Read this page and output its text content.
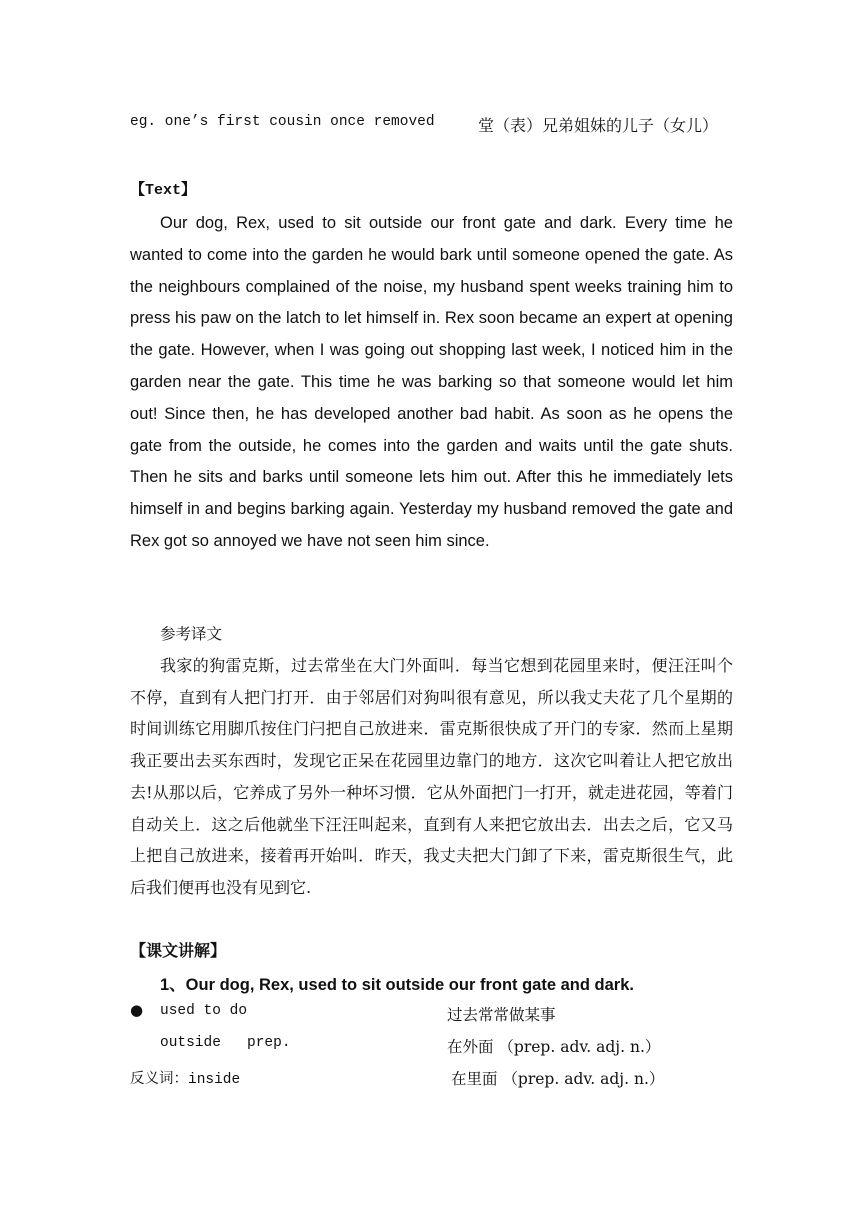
eg. one’s first cousin once removed	堂（表）兄弟姐妹的儿子（女儿）
【Text】
Our dog, Rex, used to sit outside our front gate and dark. Every time he wanted to come into the garden he would bark until someone opened the gate. As the neighbours complained of the noise, my husband spent weeks training him to press his paw on the latch to let himself in. Rex soon became an expert at opening the gate. However, when I was going out shopping last week, I noticed him in the garden near the gate. This time he was barking so that someone would let him out! Since then, he has developed another bad habit. As soon as he opens the gate from the outside, he comes into the garden and waits until the gate shuts. Then he sits and barks until someone lets him out. After this he immediately lets himself in and begins barking again. Yesterday my husband removed the gate and Rex got so annoyed we have not seen him since.
参考译文
我家的狗雷克斯，过去常坐在大门外面叫．每当它想到花园里来时，便汪汪叫个不停，直到有人把门打开．由于邻居们对狗叫很有意见，所以我丈夫花了几个星期的时间训练它用脚爪按住门闩把自己放进来．雷克斯很快成了开门的专家．然而上星期我正要出去买东西时，发现它正呆在花园里边靠门的地方．这次它叫着让人把它放出去!从那以后，它养成了另外一种坏习惯．它从外面把门一打开，就走进花园，等着门自动关上．这之后他就坐下汪汪叫起来，直到有人来把它放出去．出去之后，它又马上把自己放进来，接着再开始叫．昨天，我丈夫把大门卸了下来，雷克斯很生气，此后我们便再也没有见到它.
【课文讲解】
1、Our dog, Rex, used to sit outside our front gate and dark.
● used to do	过去常常做某事
outside   prep.	在外面 （prep. adv. adj. n.）
反义词：inside	在里面 （prep. adv. adj. n.）
